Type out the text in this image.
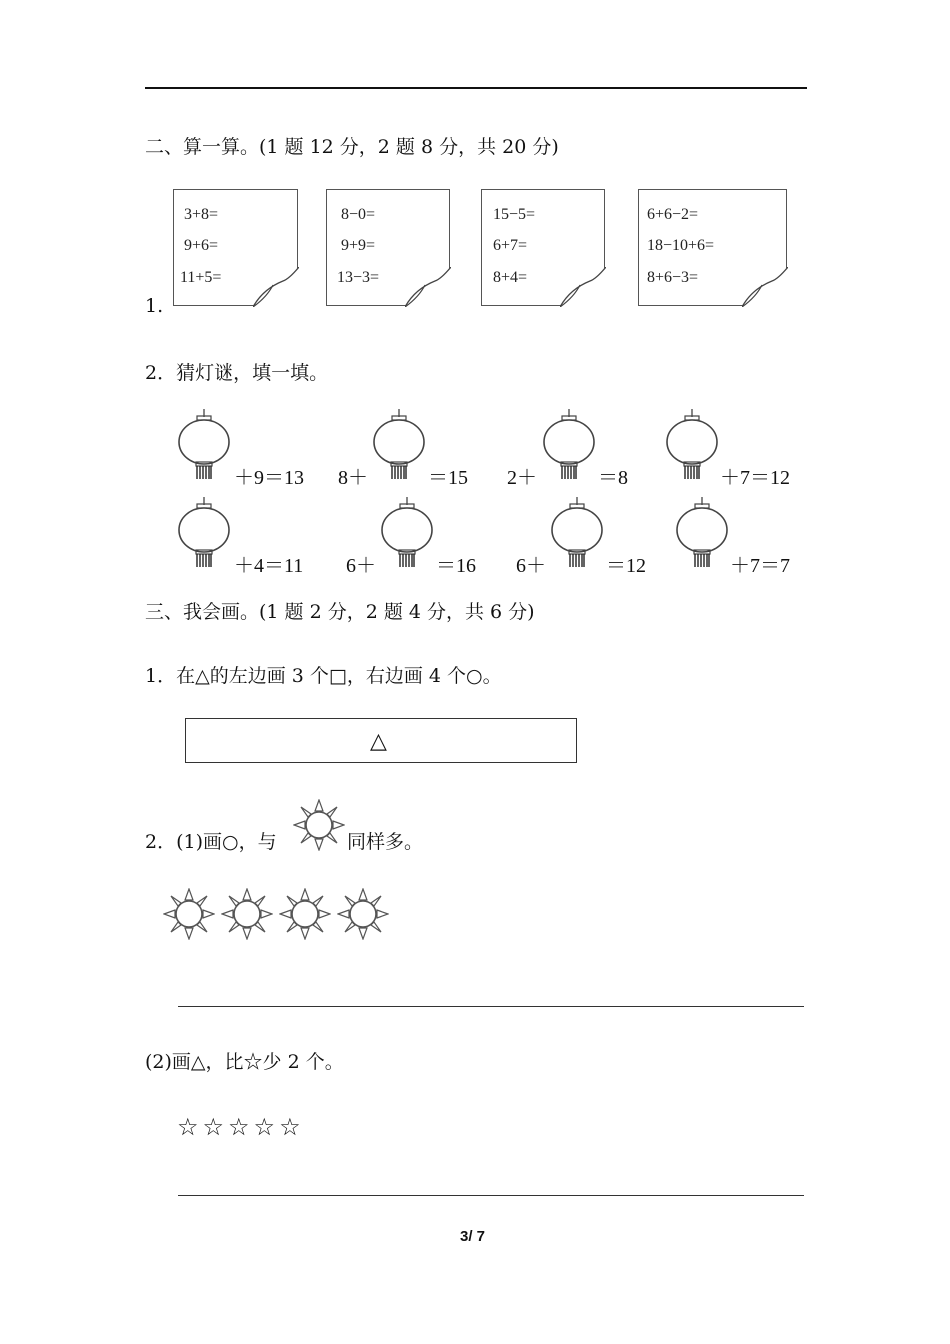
二、算一算。(1 题 12 分，2 题 8 分，共 20 分)
1.
3+8=
9+6=
11+5=
8−0=
9+9=
13−3=
15−5=
6+7=
8+4=
6+6−2=
18−10+6=
8+6−3=
2．猜灯谜，填一填。
＋9＝13 8＋	＝15 2＋	＝8	＋7＝12
＋4＝11 6＋	＝16 6＋	＝12	＋7＝7
三、我会画。(1 题 2 分，2 题 4 分，共 6 分)
1．在△的左边画 3 个□，右边画 4 个○。
△
2．(1)画○，与	同样多。
(2)画△，比☆少 2 个。
☆☆☆☆☆
3/ 7
